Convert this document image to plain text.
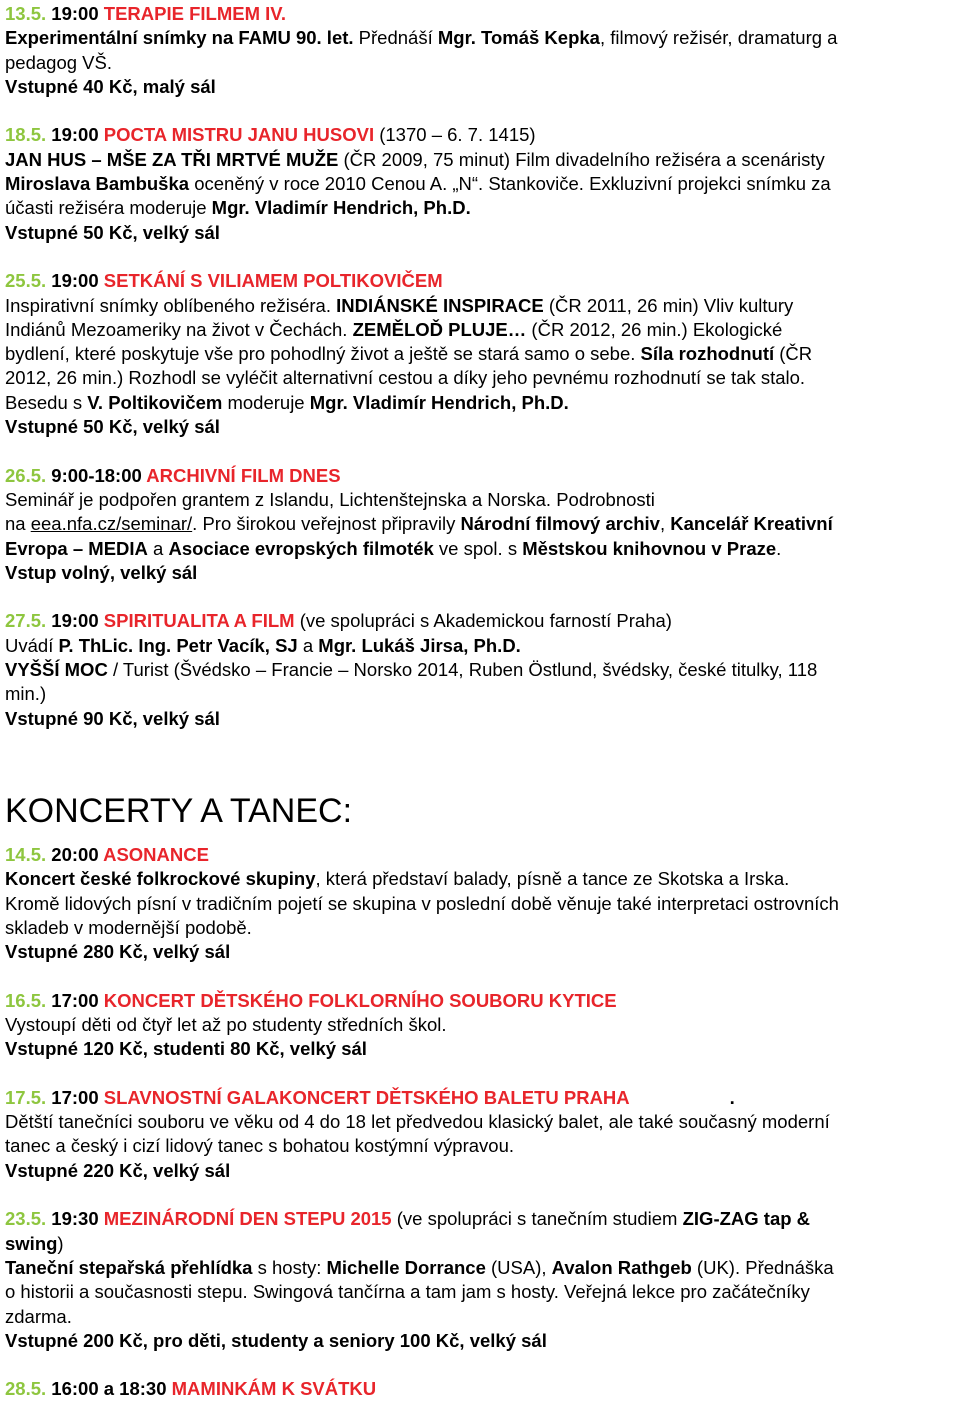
13.5. 19:00 TERAPIE FILMEM IV.

Experimentální snímky na FAMU 90. let. Přednáší Mgr. Tomáš Kepka, filmový režisér, dramaturg a

pedagog VŠ.

Vstupné 40 Kč, malý sál

18.5. 19:00 POCTA MISTRU JANU HUSOVI (1370 – 6. 7. 1415)

JAN HUS – MŠE ZA TŘI MRTVÉ MUŽE (ČR 2009, 75 minut) Film divadelního režiséra a scenáristy

Miroslava Bambuška oceněný v roce 2010 Cenou A. „N“. Stankoviče. Exkluzivní projekci snímku za

účasti režiséra moderuje Mgr. Vladimír Hendrich, Ph.D.

Vstupné 50 Kč, velký sál

25.5. 19:00 SETKÁNÍ S VILIAMEM POLTIKOVIČEM

Inspirativní snímky oblíbeného režiséra. INDIÁNSKÉ INSPIRACE (ČR 2011, 26 min) Vliv kultury

Indiánů Mezoameriky na život v Čechách. ZEMĚLOĎ PLUJE… (ČR 2012, 26 min.) Ekologické

bydlení, které poskytuje vše pro pohodlný život a ještě se stará samo o sebe. Síla rozhodnutí (ČR

2012, 26 min.) Rozhodl se vyléčit alternativní cestou a díky jeho pevnému rozhodnutí se tak stalo.

Besedu s V. Poltikovičem moderuje Mgr. Vladimír Hendrich, Ph.D.

Vstupné 50 Kč, velký sál

26.5. 9:00-18:00 ARCHIVNÍ FILM DNES

Seminář je podpořen grantem z Islandu, Lichtenštejnska a Norska. Podrobnosti

na eea.nfa.cz/seminar/. Pro širokou veřejnost připravily Národní filmový archiv, Kancelář Kreativní

Evropa – MEDIA a Asociace evropských filmoték ve spol. s Městskou knihovnou v Praze.

Vstup volný, velký sál

27.5. 19:00 SPIRITUALITA A FILM (ve spolupráci s Akademickou farností Praha)

Uvádí P. ThLic. Ing. Petr Vacík, SJ a Mgr. Lukáš Jirsa, Ph.D.

VYŠŠÍ MOC / Turist (Švédsko – Francie – Norsko 2014, Ruben Östlund, švédsky, české titulky, 118

min.)

Vstupné 90 Kč, velký sál

KONCERTY A TANEC:

14.5. 20:00 ASONANCE

Koncert české folkrockové skupiny, která představí balady, písně a tance ze Skotska a Irska.

Kromě lidových písní v tradičním pojetí se skupina v poslední době věnuje také interpretaci ostrovních

skladeb v modernější podobě.

Vstupné 280 Kč, velký sál

16.5. 17:00 KONCERT DĚTSKÉHO FOLKLORNÍHO SOUBORU KYTICE

Vystoupí děti od čtyř let až po studenty středních škol.

Vstupné 120 Kč, studenti 80 Kč, velký sál

17.5. 17:00 SLAVNOSTNÍ GALAKONCERT DĚTSKÉHO BALETU PRAHA	.

Dětští tanečníci souboru ve věku od 4 do 18 let předvedou klasický balet, ale také současný moderní

tanec a český i cizí lidový tanec s bohatou kostýmní výpravou.

Vstupné 220 Kč, velký sál

23.5. 19:30 MEZINÁRODNÍ DEN STEPU 2015 (ve spolupráci s tanečním studiem ZIG-ZAG tap &

swing)

Taneční stepařská přehlídka s hosty: Michelle Dorrance (USA), Avalon Rathgeb (UK). Přednáška

o historii a současnosti stepu. Swingová tančírna a tam jam s hosty. Veřejná lekce pro začátečníky

zdarma.

Vstupné 200 Kč, pro děti, studenty a seniory 100 Kč, velký sál

28.5. 16:00 a 18:30 MAMINKÁM K SVÁTKU
